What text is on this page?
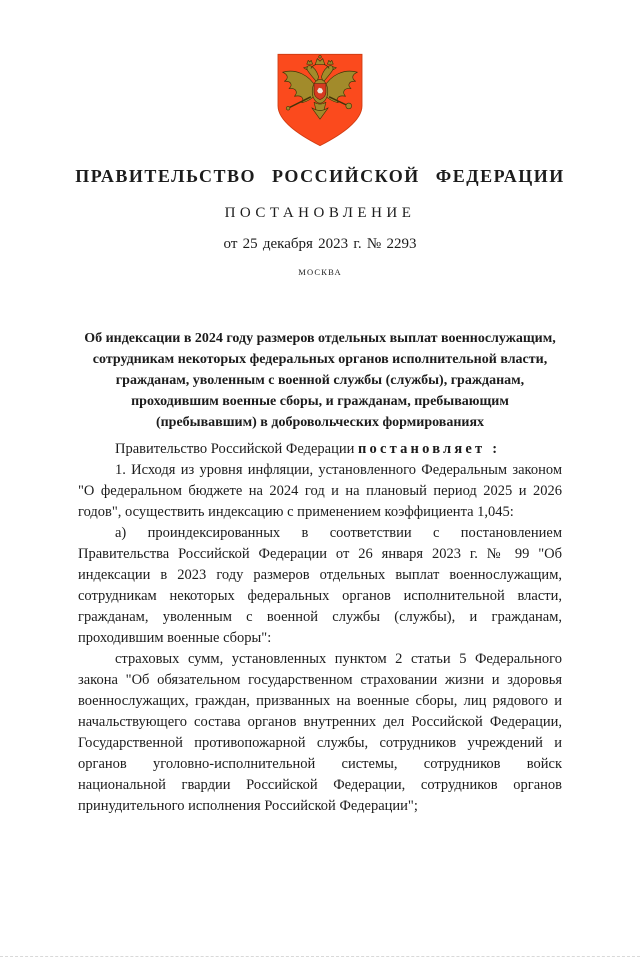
ПРАВИТЕЛЬСТВО РОССИЙСКОЙ ФЕДЕРАЦИИ
ПОСТАНОВЛЕНИЕ
от 25 декабря 2023 г. № 2293
МОСКВА
Об индексации в 2024 году размеров отдельных выплат военнослужащим, сотрудникам некоторых федеральных органов исполнительной власти, гражданам, уволенным с военной службы (службы), гражданам, проходившим военные сборы, и гражданам, пребывающим (пребывавшим) в добровольческих формированиях

Правительство Российской Федерации постановляет :

1. Исходя из уровня инфляции, установленного Федеральным законом "О федеральном бюджете на 2024 год и на плановый период 2025 и 2026 годов", осуществить индексацию с применением коэффициента 1,045:

а) проиндексированных в соответствии с постановлением Правительства Российской Федерации от 26 января 2023 г. № 99 "Об индексации в 2023 году размеров отдельных выплат военнослужащим, сотрудникам некоторых федеральных органов исполнительной власти, гражданам, уволенным с военной службы (службы), и гражданам, проходившим военные сборы":

страховых сумм, установленных пунктом 2 статьи 5 Федерального закона "Об обязательном государственном страховании жизни и здоровья военнослужащих, граждан, призванных на военные сборы, лиц рядового и начальствующего состава органов внутренних дел Российской Федерации, Государственной противопожарной службы, сотрудников учреждений и органов уголовно-исполнительной системы, сотрудников войск национальной гвардии Российской Федерации, сотрудников органов принудительного исполнения Российской Федерации";
